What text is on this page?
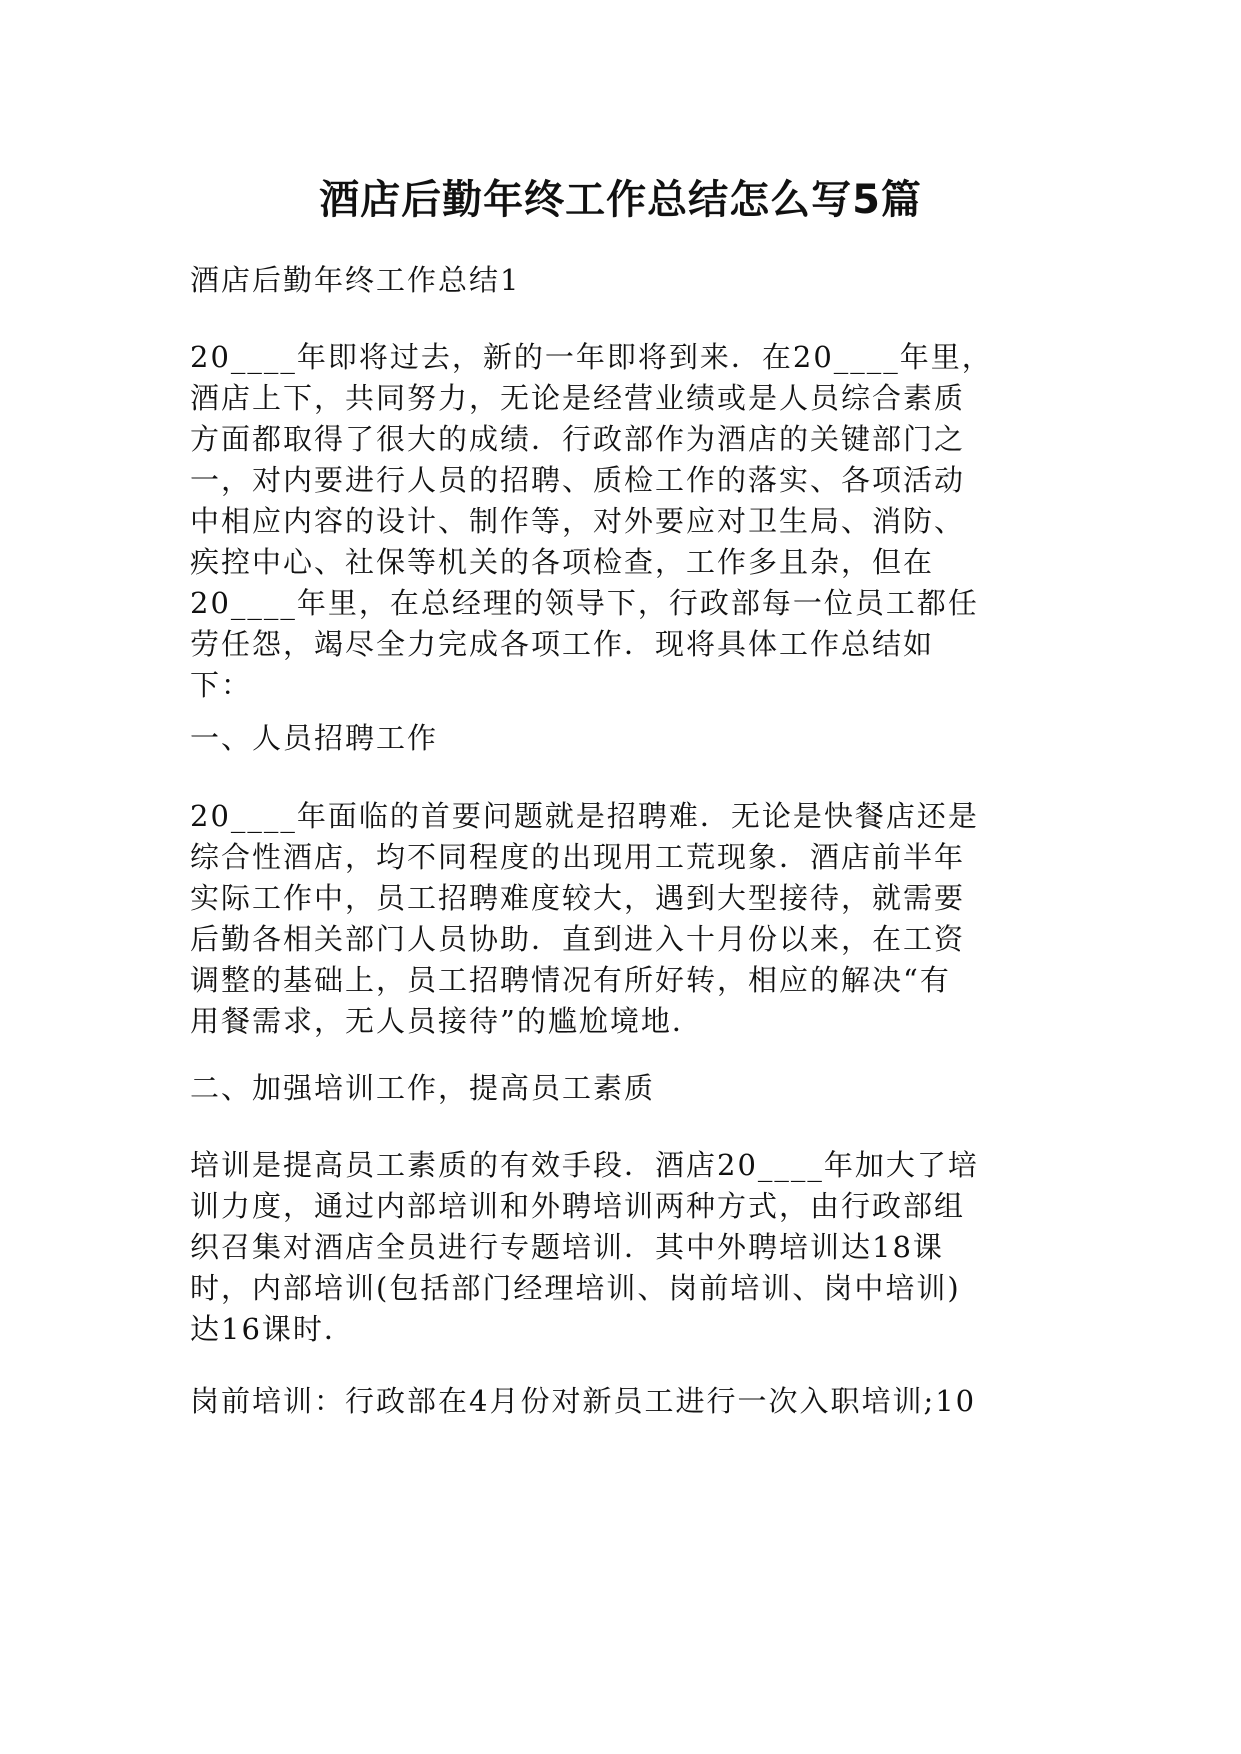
酒店后勤年终工作总结怎么写5篇
酒店后勤年终工作总结1
20____年即将过去，新的一年即将到来．在20____年里，
酒店上下，共同努力，无论是经营业绩或是人员综合素质
方面都取得了很大的成绩．行政部作为酒店的关键部门之
一，对内要进行人员的招聘、质检工作的落实、各项活动
中相应内容的设计、制作等，对外要应对卫生局、消防、
疾控中心、社保等机关的各项检查，工作多且杂，但在
20____年里，在总经理的领导下，行政部每一位员工都任
劳任怨，竭尽全力完成各项工作．现将具体工作总结如
下：
一、人员招聘工作
20____年面临的首要问题就是招聘难．无论是快餐店还是
综合性酒店，均不同程度的出现用工荒现象．酒店前半年
实际工作中，员工招聘难度较大，遇到大型接待，就需要
后勤各相关部门人员协助．直到进入十月份以来，在工资
调整的基础上，员工招聘情况有所好转，相应的解决“有
用餐需求，无人员接待”的尴尬境地．
二、加强培训工作，提高员工素质
培训是提高员工素质的有效手段．酒店20____年加大了培
训力度，通过内部培训和外聘培训两种方式，由行政部组
织召集对酒店全员进行专题培训．其中外聘培训达18课
时，内部培训(包括部门经理培训、岗前培训、岗中培训)
达16课时．
岗前培训：行政部在4月份对新员工进行一次入职培训;10
